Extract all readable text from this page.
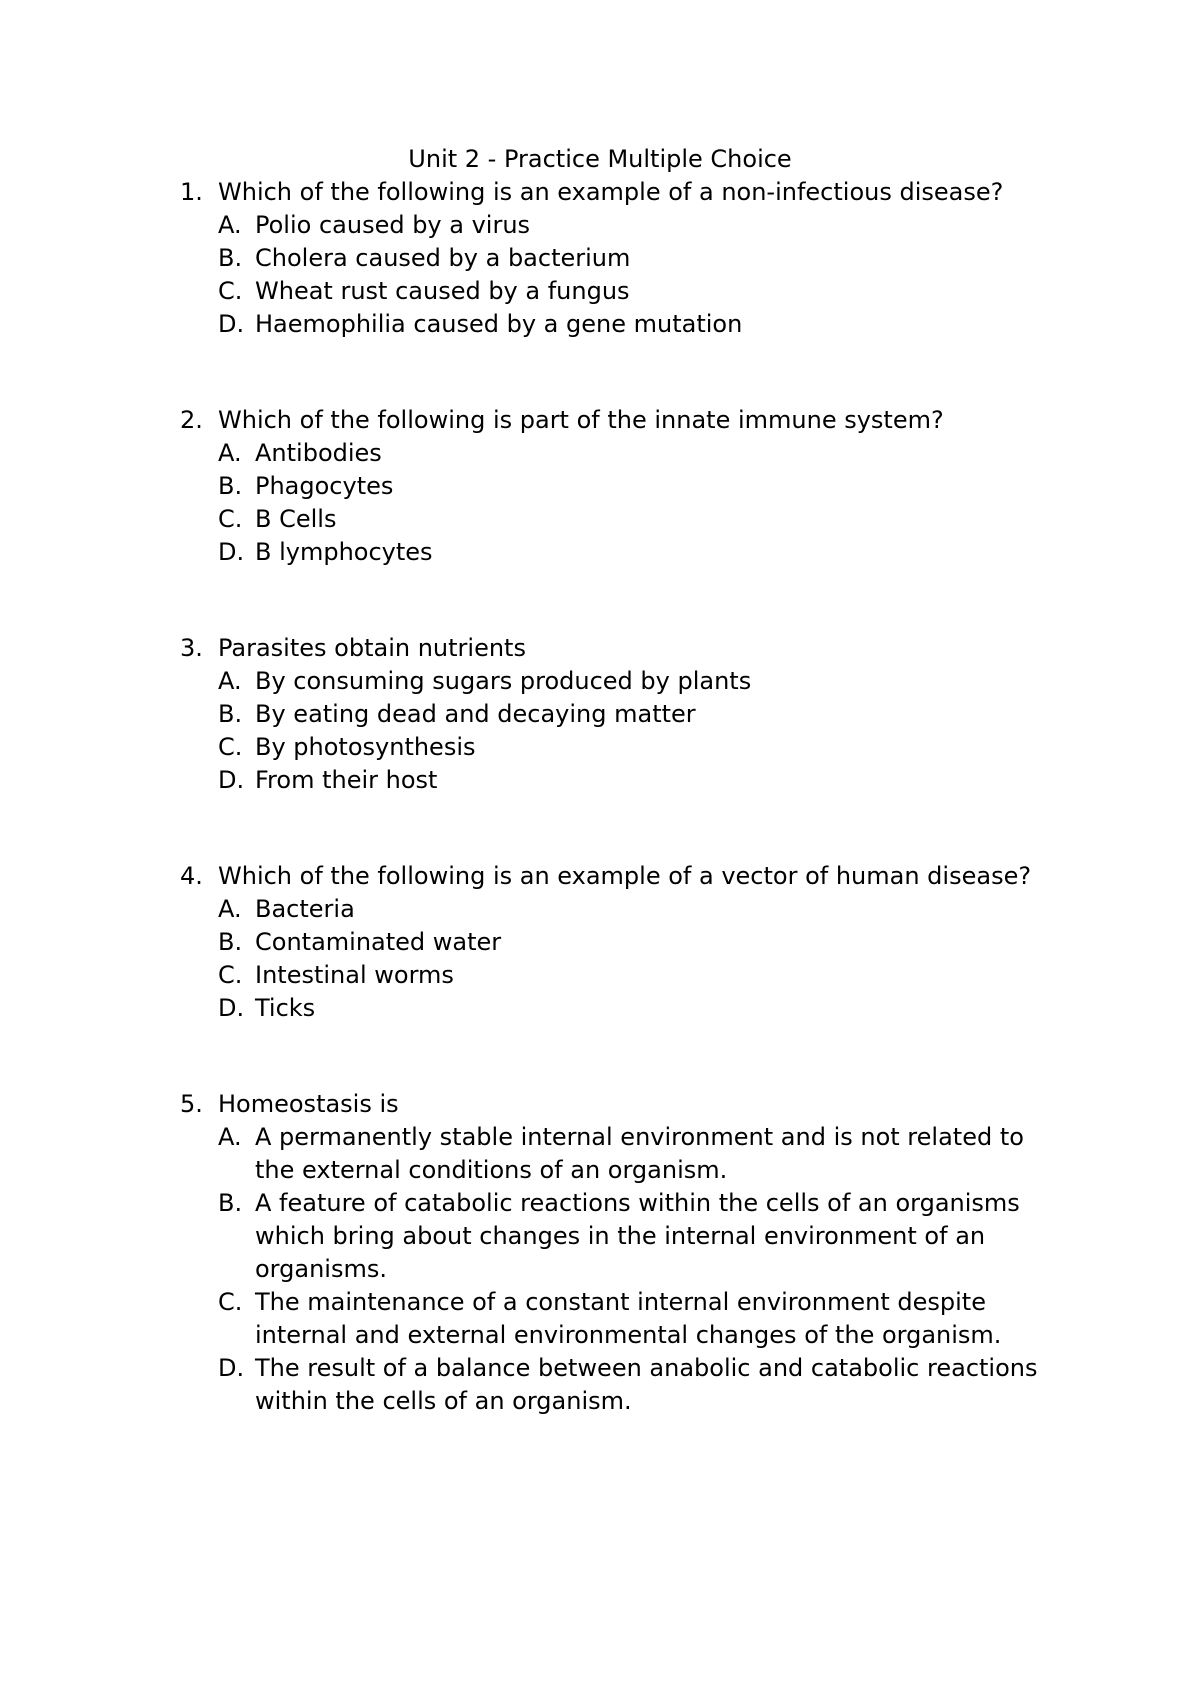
Unit 2 - Practice Multiple Choice
1. Which of the following is an example of a non-infectious disease?
A. Polio caused by a virus
B. Cholera caused by a bacterium
C. Wheat rust caused by a fungus
D. Haemophilia caused by a gene mutation
2. Which of the following is part of the innate immune system?
A. Antibodies
B. Phagocytes
C. B Cells
D. B lymphocytes
3. Parasites obtain nutrients
A. By consuming sugars produced by plants
B. By eating dead and decaying matter
C. By photosynthesis
D. From their host
4. Which of the following is an example of a vector of human disease?
A. Bacteria
B. Contaminated water
C. Intestinal worms
D. Ticks
5. Homeostasis is
A. A permanently stable internal environment and is not related to the external conditions of an organism.
B. A feature of catabolic reactions within the cells of an organisms which bring about changes in the internal environment of an organisms.
C. The maintenance of a constant internal environment despite internal and external environmental changes of the organism.
D. The result of a balance between anabolic and catabolic reactions within the cells of an organism.
